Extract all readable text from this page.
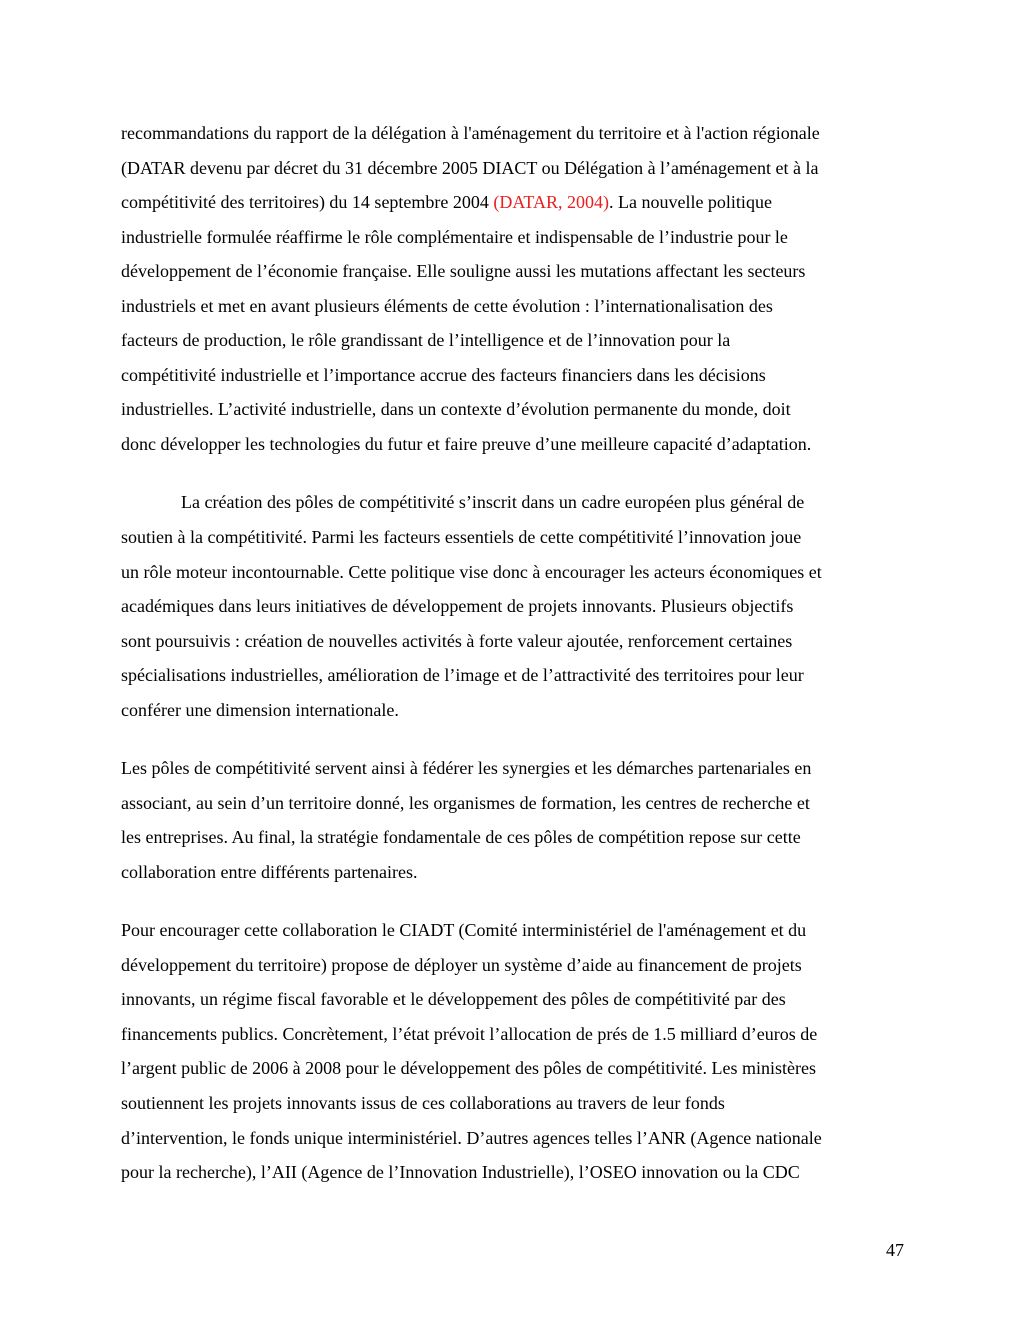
recommandations du rapport de la délégation à l'aménagement du territoire et à l'action régionale
(DATAR devenu par décret du 31 décembre 2005 DIACT ou Délégation à l’aménagement et à la
compétitivité des territoires) du 14 septembre 2004 (DATAR, 2004). La nouvelle politique
industrielle formulée réaffirme le rôle complémentaire et indispensable de l’industrie pour le
développement de l’économie française. Elle souligne aussi les mutations affectant les secteurs
industriels et met en avant plusieurs éléments de cette évolution : l’internationalisation des
facteurs de production, le rôle grandissant de l’intelligence et de l’innovation pour la
compétitivité industrielle et l’importance accrue des facteurs financiers dans les décisions
industrielles. L’activité industrielle, dans un contexte d’évolution permanente du monde, doit
donc développer les technologies du futur et faire preuve d’une meilleure capacité d’adaptation.
La création des pôles de compétitivité s’inscrit dans un cadre européen plus général de
soutien à la compétitivité. Parmi les facteurs essentiels de cette compétitivité l’innovation joue
un rôle moteur incontournable. Cette politique vise donc à encourager les acteurs économiques et
académiques dans leurs initiatives de développement de projets innovants. Plusieurs objectifs
sont poursuivis : création de nouvelles activités à forte valeur ajoutée, renforcement certaines
spécialisations industrielles, amélioration de l’image et de l’attractivité des territoires pour leur
conférer une dimension internationale.
Les pôles de compétitivité servent ainsi à fédérer les synergies et les démarches partenariales en
associant, au sein d’un territoire donné, les organismes de formation, les centres de recherche et
les entreprises. Au final, la stratégie fondamentale de ces pôles de compétition repose sur cette
collaboration entre différents partenaires.
Pour encourager cette collaboration le CIADT (Comité interministériel de l'aménagement et du
développement du territoire) propose de déployer un système d’aide au financement de projets
innovants, un régime fiscal favorable et le développement des pôles de compétitivité par des
financements publics. Concrètement, l’état prévoit l’allocation de prés de 1.5 milliard d’euros de
l’argent public de 2006 à 2008 pour le développement des pôles de compétitivité. Les ministères
soutiennent les projets innovants issus de ces collaborations au travers de leur fonds
d’intervention, le fonds unique interministériel. D’autres agences telles l’ANR (Agence nationale
pour la recherche), l’AII (Agence de l’Innovation Industrielle), l’OSEO innovation ou la CDC
47
